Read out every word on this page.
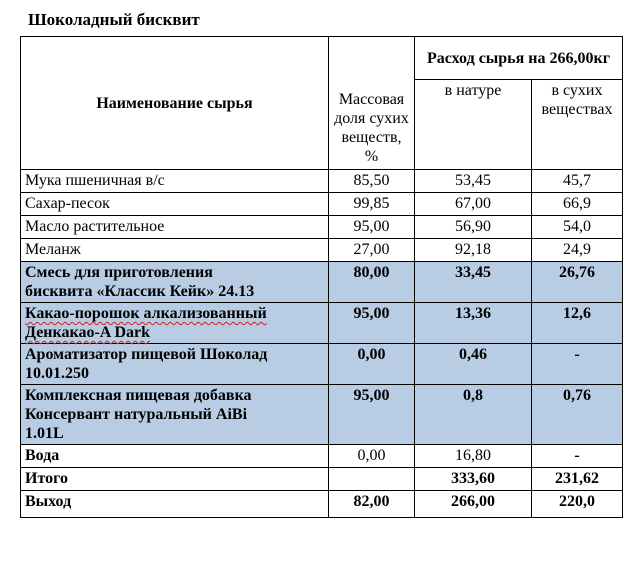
Шоколадный бисквит
Наименование сырья	Массовая доля сухих веществ, %	Расход сырья на 266,00кг	
		в натуре	в сухих веществах
Мука пшеничная в/с	85,50	53,45	45,7
Сахар-песок	99,85	67,00	66,9
Масло растительное	95,00	56,90	54,0
Меланж	27,00	92,18	24,9

Смесь для приготовления
бисквита «Классик Кейк» 24.13	80,00	33,45	26,76
Какао-порошок алкализованный
Денкакао-A Dark	95,00	13,36	12,6

Ароматизатор пищевой Шоколад
10.01.250	0,00	0,46	-

Комплексная пищевая добавка
Консервант натуральный AiBi
1.01L	95,00	0,8	0,76
Вода	0,00	16,80	-
Итого		333,60	231,62
Выход	82,00	266,00	220,0
